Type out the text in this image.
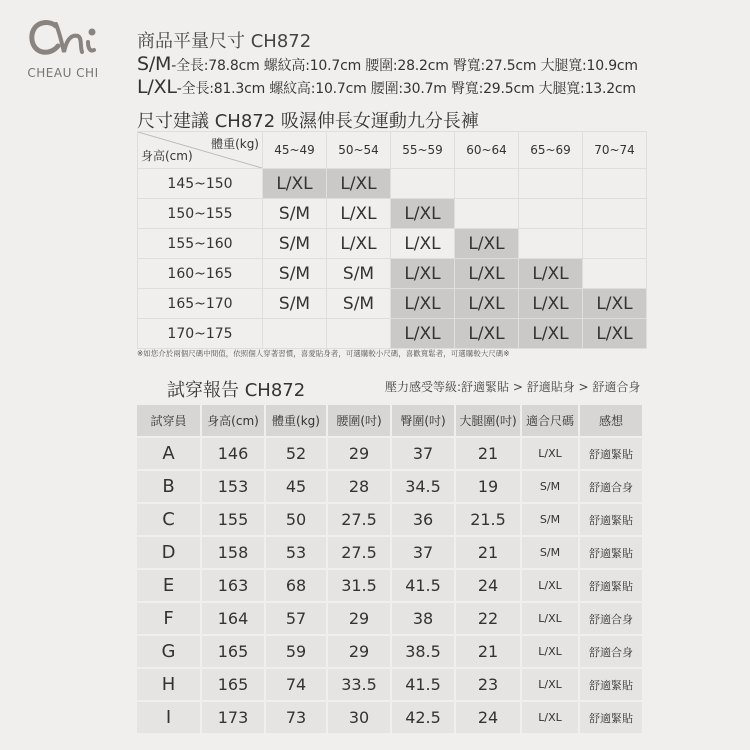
CHEAU CHI
商品平量尺寸 CH872
S/M-全長:78.8cm 螺紋高:10.7cm 腰圍:28.2cm 臀寬:27.5cm 大腿寬:10.9cm
L/XL-全長:81.3cm 螺紋高:10.7cm 腰圍:30.7m 臀寬:29.5cm 大腿寬:13.2cm
尺寸建議 CH872 吸濕伸長女運動九分長褲
體重(kg)
身高(cm)	45~49	50~54	55~59	60~64	65~69	70~74
145~150	L/XL	L/XL				
150~155	S/M	L/XL	L/XL			
155~160	S/M	L/XL	L/XL	L/XL		
160~165	S/M	S/M	L/XL	L/XL	L/XL	
165~170	S/M	S/M	L/XL	L/XL	L/XL	L/XL
170~175			L/XL	L/XL	L/XL	L/XL
※如您介於兩個尺碼中間值，依照個人穿著習慣，喜愛貼身者，可選購較小尺碼，喜歡寬鬆者，可選購較大尺碼※
試穿報告 CH872	壓力感受等級:舒適緊貼 > 舒適貼身 > 舒適合身
試穿員	身高(cm)	體重(kg)	腰圍(吋)	臀圍(吋)	大腿圍(吋)	適合尺碼	感想
A	146	52	29	37	21	L/XL	舒適緊貼
B	153	45	28	34.5	19	S/M	舒適合身
C	155	50	27.5	36	21.5	S/M	舒適緊貼
D	158	53	27.5	37	21	S/M	舒適緊貼
E	163	68	31.5	41.5	24	L/XL	舒適緊貼
F	164	57	29	38	22	L/XL	舒適合身
G	165	59	29	38.5	21	L/XL	舒適合身
H	165	74	33.5	41.5	23	L/XL	舒適緊貼
I	173	73	30	42.5	24	L/XL	舒適緊貼
